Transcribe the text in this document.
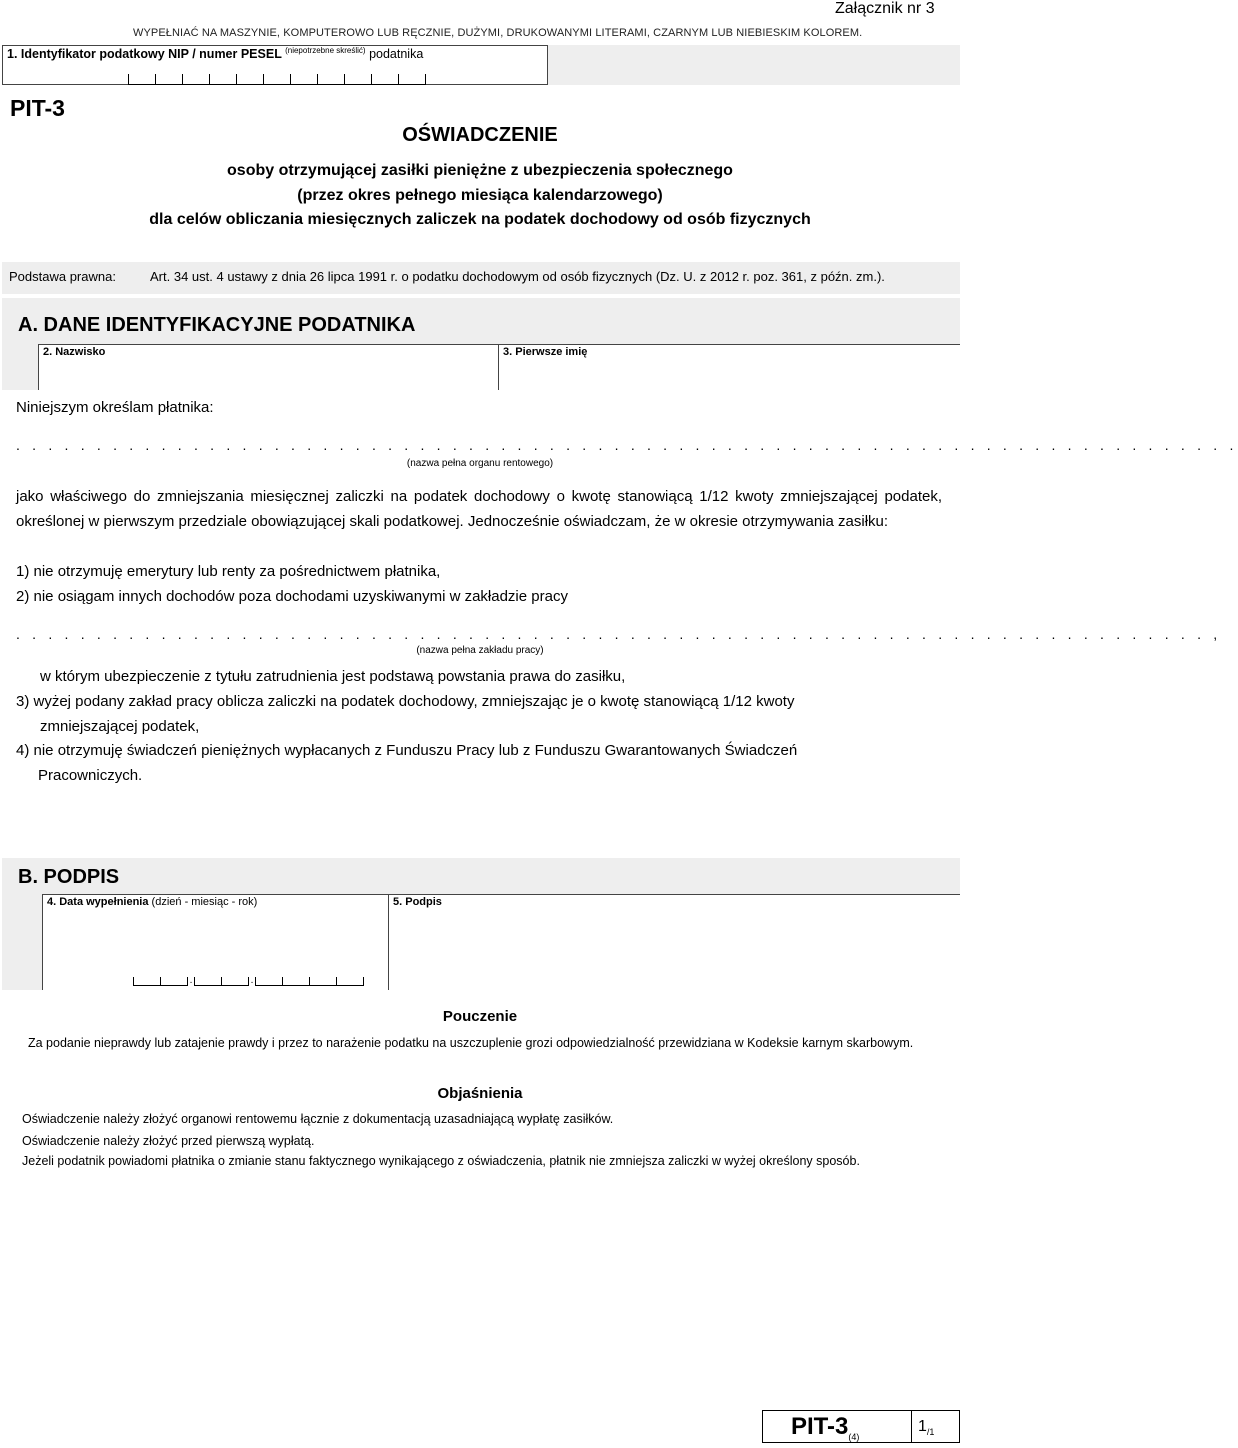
WYPEŁNIAĆ NA MASZYNIE, KOMPUTEROWO LUB RĘCZNIE, DUŻYMI, DRUKOWANYMI LITERAMI, CZARNYM LUB NIEBIESKIM KOLOREM.
Załącznik nr 3
1. Identyfikator podatkowy NIP / numer PESEL $^{(niepotrzebne skreślić)}$ podatnika
PIT-3
OŚWIADCZENIE
osoby otrzymującej zasiłki pieniężne z ubezpieczenia społecznego
(przez okres pełnego miesiąca kalendarzowego)
dla celów obliczania miesięcznych zaliczek na podatek dochodowy od osób fizycznych
Podstawa prawna:	Art. 34 ust. 4 ustawy z dnia 26 lipca 1991 r. o podatku dochodowym od osób fizycznych (Dz. U. z 2012 r. poz. 361, z późn. zm.).
A. DANE IDENTYFIKACYJNE PODATNIKA
2. Nazwisko	3. Pierwsze imię
Niniejszym określam płatnika:
. . . . . . . . . . . . . . . . . . . . . . . . . . . . . . . . . . . . . . . . . . . . . . . . . . . . . . . . . . . . . . . . . . . . . . . . . . . .
(nazwa pełna organu rentowego)
jako właściwego do zmniejszania miesięcznej zaliczki na podatek dochodowy o kwotę stanowiącą 1/12 kwoty zmniejszającej podatek, określonej w pierwszym przedziale obowiązującej skali podatkowej. Jednocześnie oświadczam, że w okresie otrzymywania zasiłku:
1) nie otrzymuję emerytury lub renty za pośrednictwem płatnika,
2) nie osiągam innych dochodów poza dochodami uzyskiwanymi w zakładzie pracy
. . . . . . . . . . . . . . . . . . . . . . . . . . . . . . . . . . . . . . . . . . . . . . . . . . . . . . . . . . . . . . . . . . . . . . . . . . ,
(nazwa pełna zakładu pracy)
w którym ubezpieczenie z tytułu zatrudnienia jest podstawą powstania prawa do zasiłku,
3) wyżej podany zakład pracy oblicza zaliczki na podatek dochodowy, zmniejszając je o kwotę stanowiącą 1/12 kwoty
zmniejszającej podatek,
4) nie otrzymuję świadczeń pieniężnych wypłacanych z Funduszu Pracy lub z Funduszu Gwarantowanych Świadczeń
Pracowniczych.
B. PODPIS
4. Data wypełnienia (dzień - miesiąc - rok)
.	.
5. Podpis
Pouczenie
Za podanie nieprawdy lub zatajenie prawdy i przez to narażenie podatku na uszczuplenie grozi odpowiedzialność przewidziana w Kodeksie karnym skarbowym.
Objaśnienia
Oświadczenie należy złożyć organowi rentowemu łącznie z dokumentacją uzasadniającą wypłatę zasiłków.
Oświadczenie należy złożyć przed pierwszą wypłatą.
Jeżeli podatnik powiadomi płatnika o zmianie stanu faktycznego wynikającego z oświadczenia, płatnik nie zmniejsza zaliczki w wyżej określony sposób.
PIT-$3_{(4)}$
$1_{/1}$
